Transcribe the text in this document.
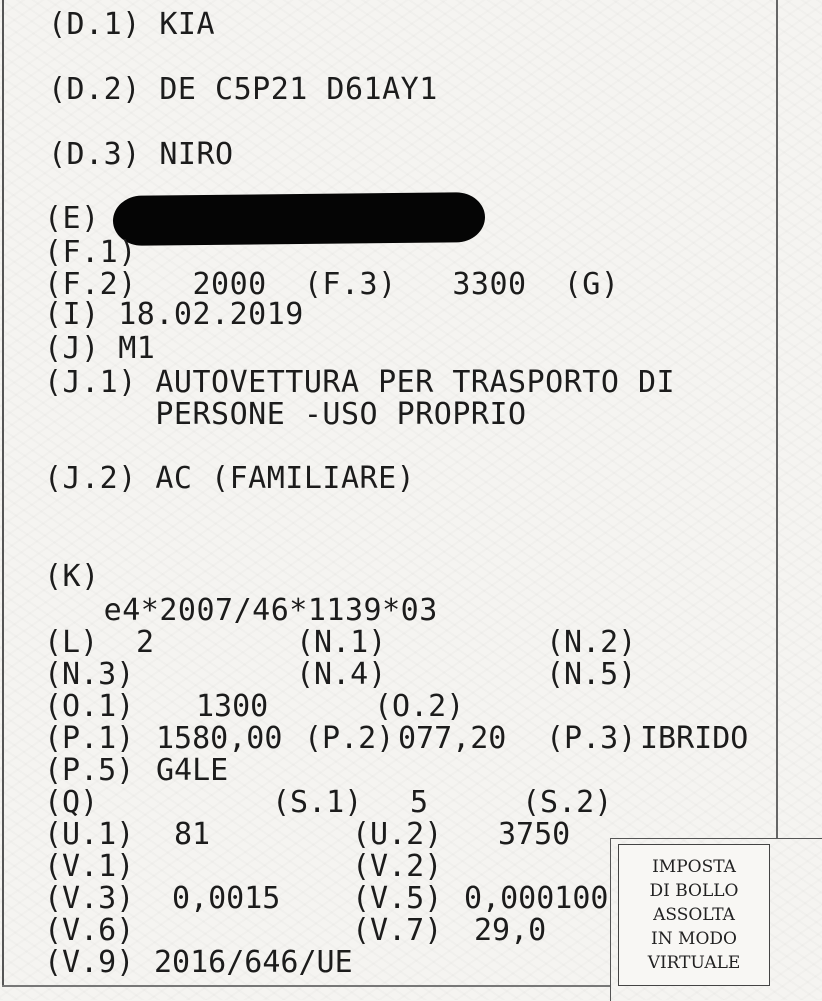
(D.1) KIA
(D.2) DE C5P21 D61AY1
(D.3) NIRO
(E)
(F.1)
(F.2)   2000  (F.3)   3300  (G)
(I) 18.02.2019
(J) M1
(J.1) AUTOVETTURA PER TRASPORTO DI
PERSONE -USO PROPRIO
(J.2) AC (FAMILIARE)
(K)
e4*2007/46*1139*03
(L) 2	(N.1)	(N.2)
(N.3)	(N.4)	(N.5)
(O.1) 1300	(O.2)
(P.1) 1580,00 (P.2) 077,20 (P.3) IBRIDO
(P.5) G4LE
(Q)	(S.1) 5	(S.2)
(U.1) 81	(U.2) 3750
(V.1)	(V.2)
(V.3) 0,0015 (V.5) 0,000100
(V.6)	(V.7) 29,0
(V.9) 2016/646/UE
IMPOSTA
DI BOLLO
ASSOLTA
IN MODO
VIRTUALE
